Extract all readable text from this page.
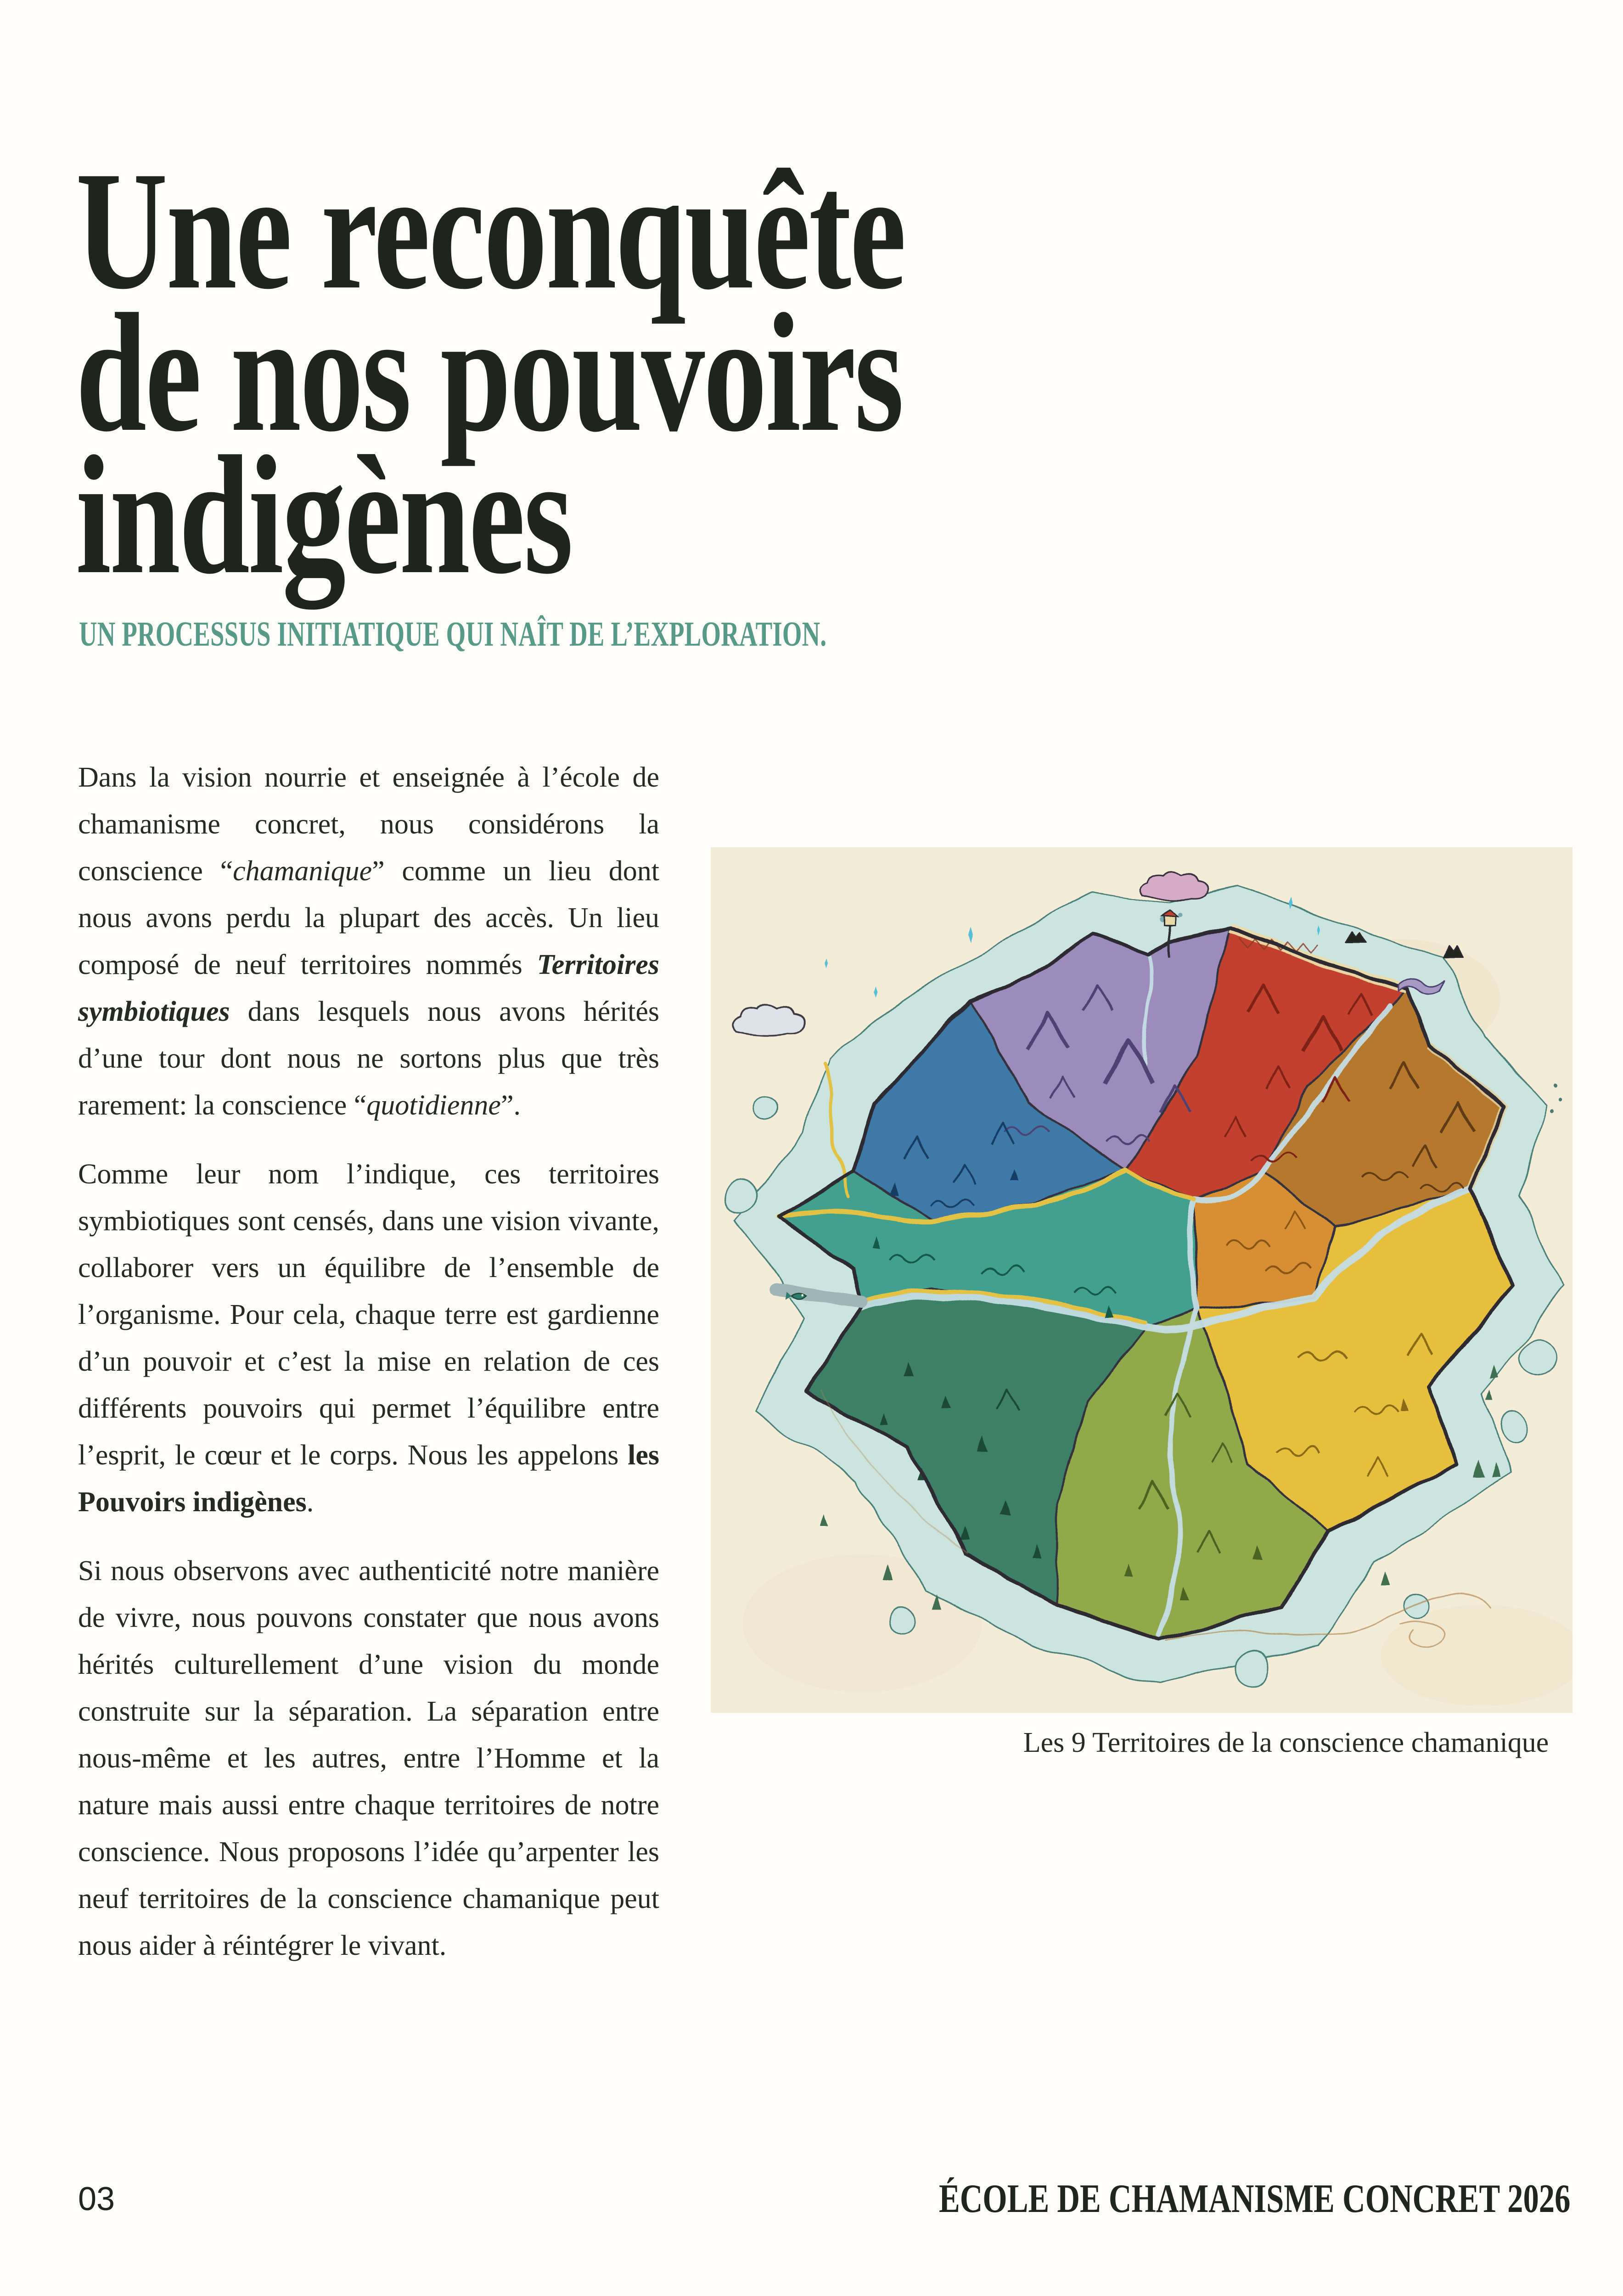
Une reconquête
de nos pouvoirs
indigènes
UN PROCESSUS INITIATIQUE QUI NAÎT DE L’EXPLORATION.

Dans la vision nourrie et enseignée à l’école de chamanisme concret, nous considérons la conscience “chamanique” comme un lieu dont nous avons perdu la plupart des accès. Un lieu composé de neuf territoires nommés Territoires symbiotiques dans lesquels nous avons hérités d’une tour dont nous ne sortons plus que très rarement: la conscience “quotidienne”.

Comme leur nom l’indique, ces territoires symbiotiques sont censés, dans une vision vivante, collaborer vers un équilibre de l’ensemble de l’organisme. Pour cela, chaque terre est gardienne d’un pouvoir et c’est la mise en relation de ces différents pouvoirs qui permet l’équilibre entre l’esprit, le cœur et le corps. Nous les appelons les Pouvoirs indigènes.

Si nous observons avec authenticité notre manière de vivre, nous pouvons constater que nous avons hérités culturellement d’une vision du monde construite sur la séparation. La séparation entre nous-même et les autres, entre l’Homme et la nature mais aussi entre chaque territoires de notre conscience. Nous proposons l’idée qu’arpenter les neuf territoires de la conscience chamanique peut nous aider à réintégrer le vivant.

Les 9 Territoires de la conscience chamanique
03	ÉCOLE DE CHAMANISME CONCRET 2026
